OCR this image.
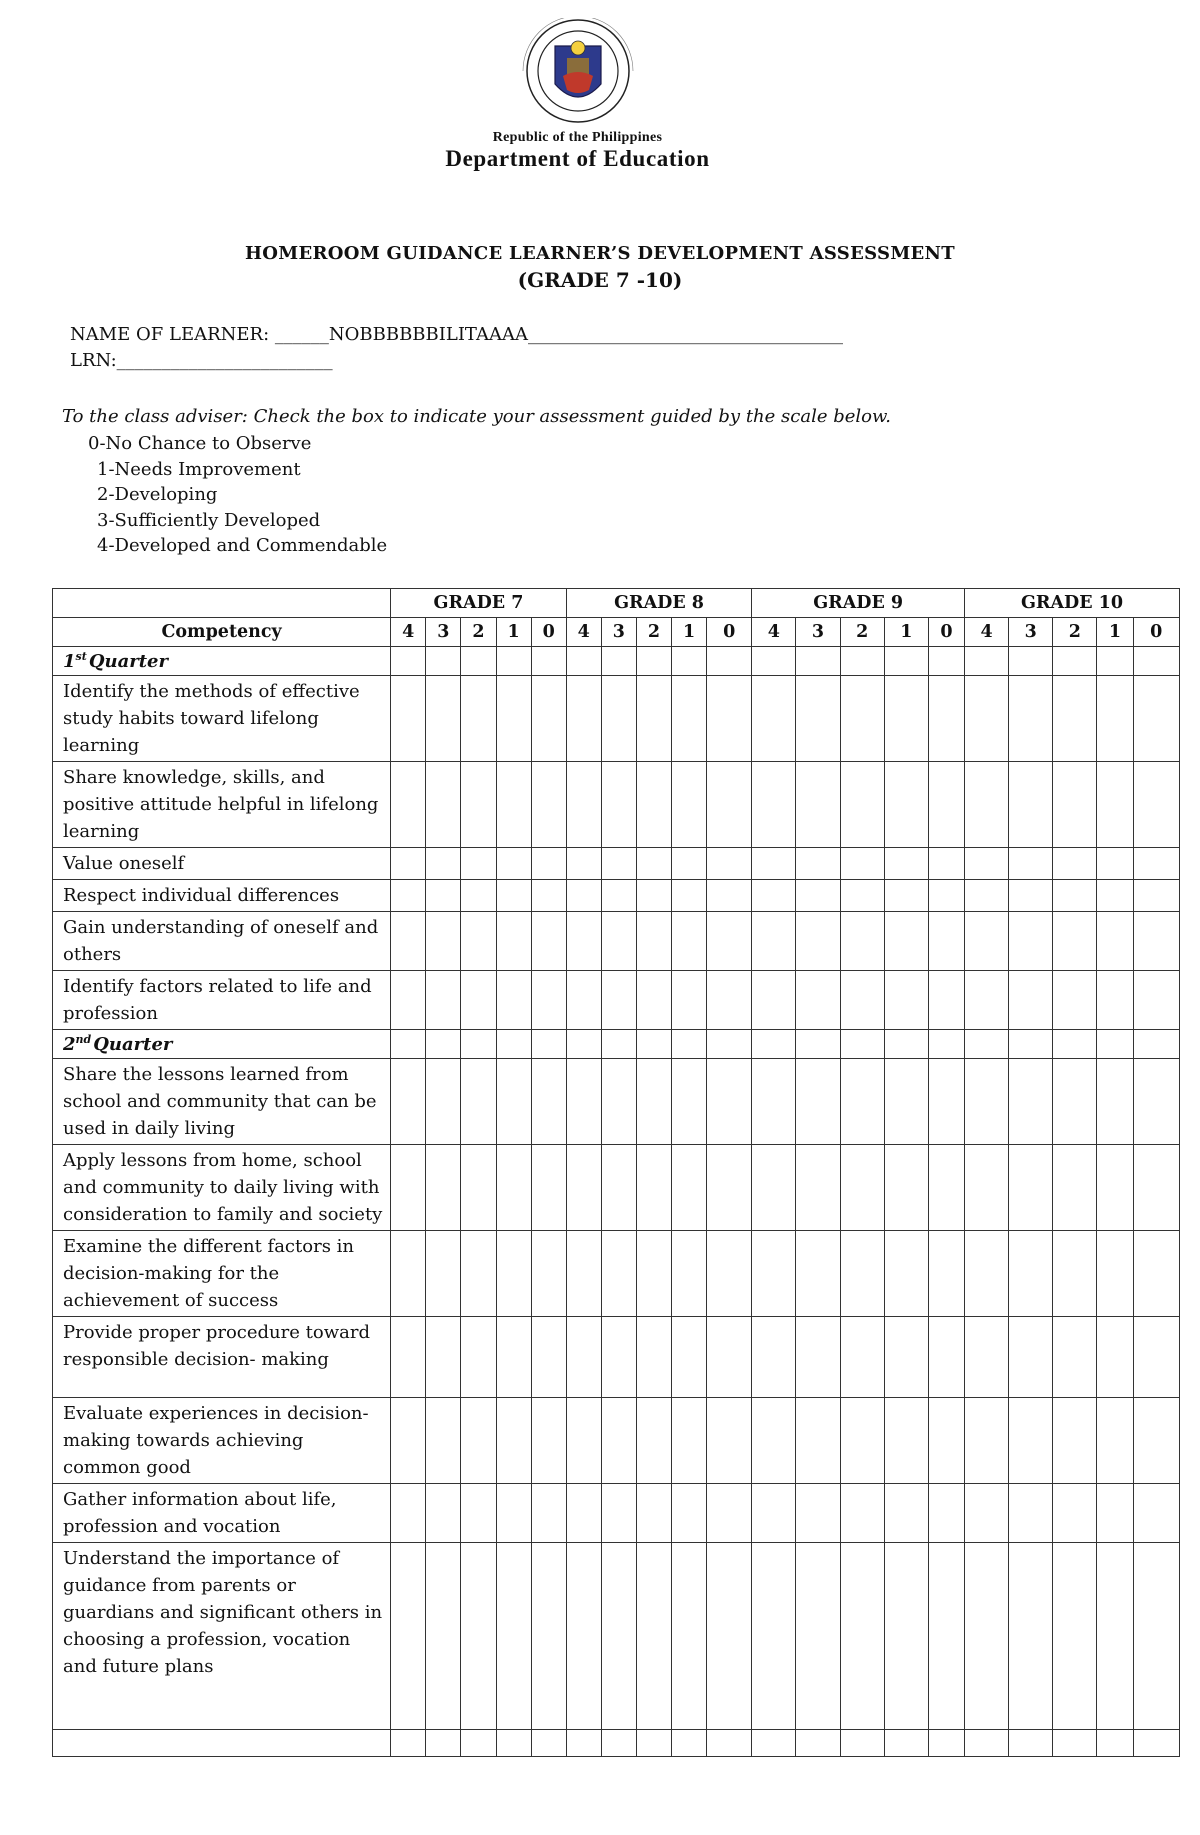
Republic of the Philippines
Department of Education
HOMEROOM GUIDANCE LEARNER’S DEVELOPMENT ASSESSMENT
(GRADE 7 -10)
NAME OF LEARNER: ______NOBBBBBBILITAAAA___________________________________
LRN:________________________
To the class adviser: Check the box to indicate your assessment guided by the scale below.
0-No Chance to Observe
1-Needs Improvement
2-Developing
3-Sufficiently Developed
4-Developed and Commendable
	GRADE 7					GRADE 8					GRADE 9					GRADE 10				
Competency	4	3	2	1	0	4	3	2	1	0	4	3	2	1	0	4	3	2	1	0
1st Quarter																				
Identify the methods of effective study habits toward lifelong learning																				
Share knowledge, skills, and positive attitude helpful in lifelong learning																				
Value oneself																				
Respect individual differences																				
Gain understanding of oneself and others																				
Identify factors related to life and profession																				
2nd Quarter																				
Share the lessons learned from school and community that can be used in daily living																				
Apply lessons from home, school and community to daily living with consideration to family and society																				
Examine the different factors in decision-making for the achievement of success																				
Provide proper procedure toward responsible decision- making																				
Evaluate experiences in decision-making towards achieving common good																				
Gather information about life, profession and vocation																				
Understand the importance of guidance from parents or guardians and significant others in choosing a profession, vocation and future plans																				
